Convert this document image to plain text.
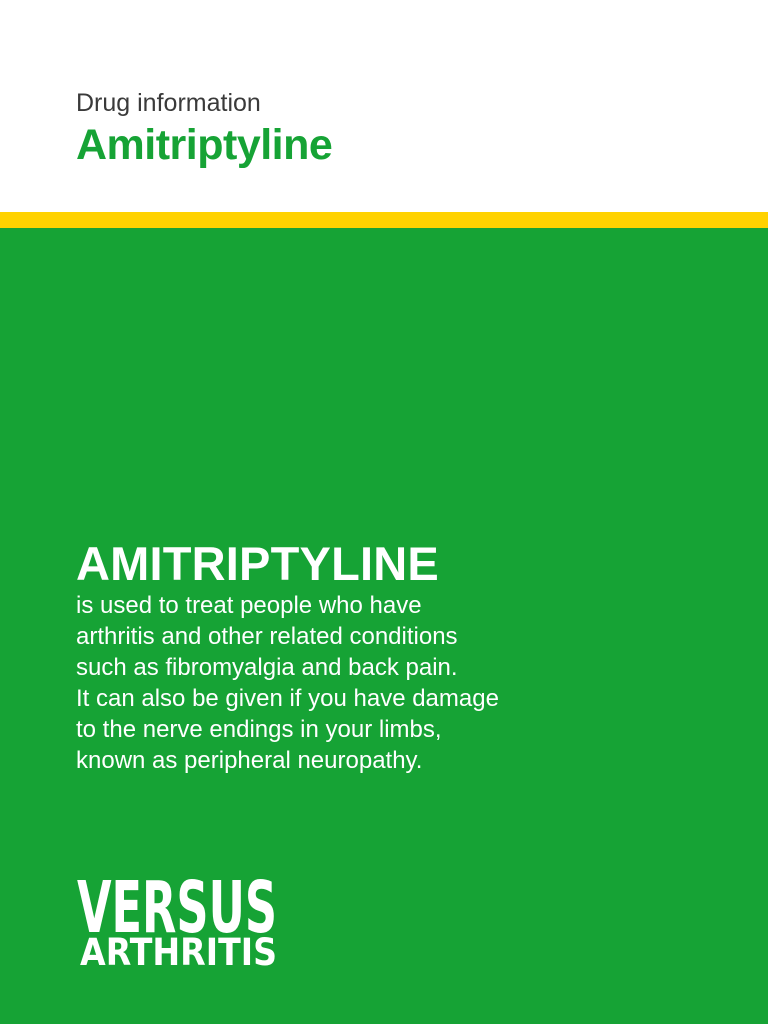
Drug information

Amitriptyline
AMITRIPTYLINE

is used to treat people who have
arthritis and other related conditions
such as fibromyalgia and back pain.
It can also be given if you have damage
to the nerve endings in your limbs,
known as peripheral neuropathy.

VERSUS
ARTHRITIS
